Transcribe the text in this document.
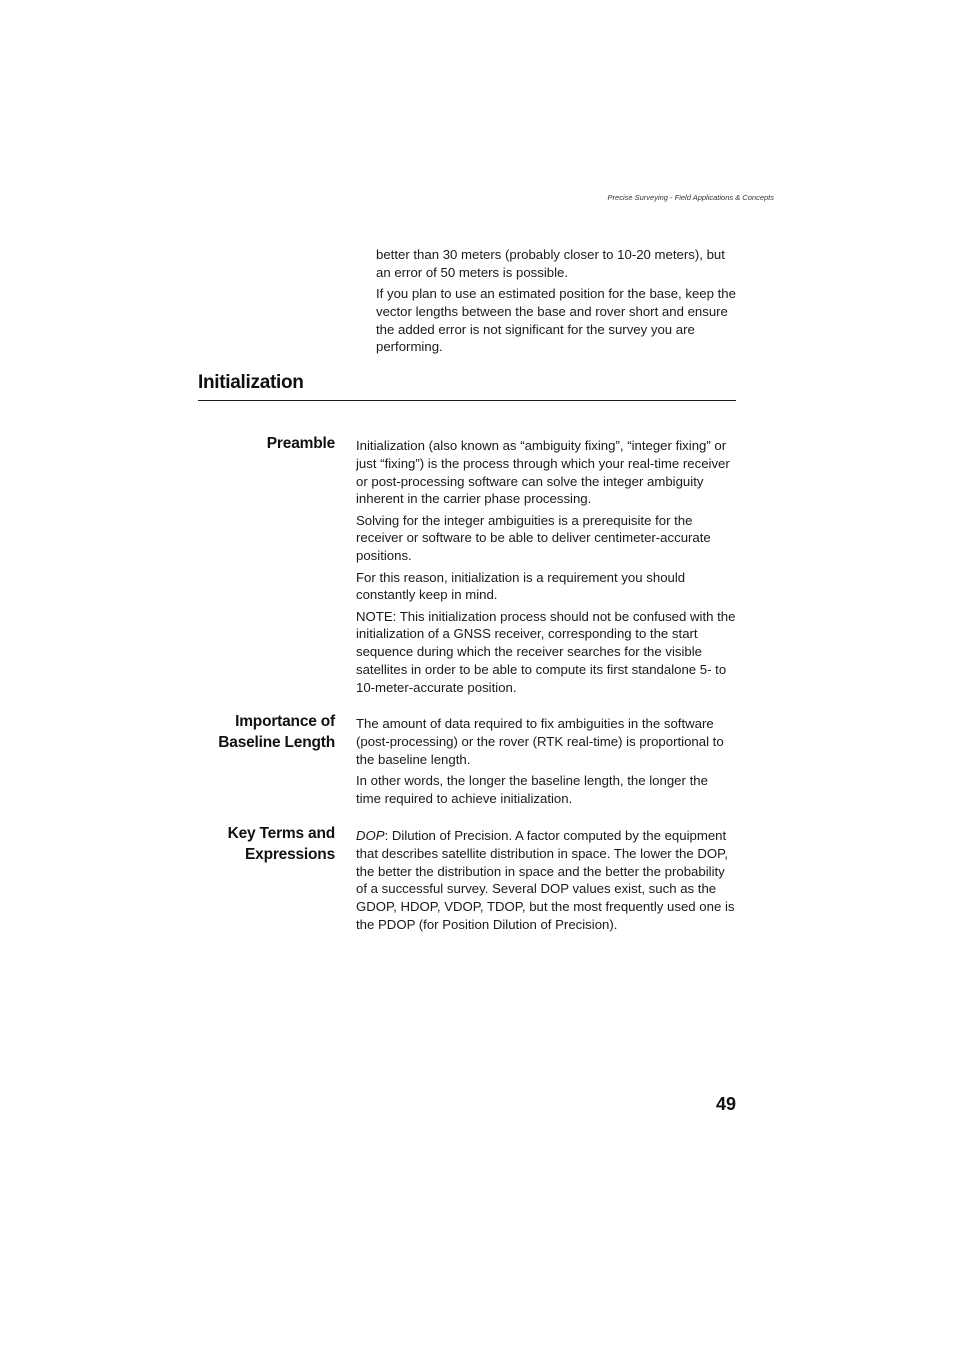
Precise Surveying - Field Applications & Concepts

better than 30 meters (probably closer to 10-20 meters), but an error of 50 meters is possible.

If you plan to use an estimated position for the base, keep the vector lengths between the base and rover short and ensure the added error is not significant for the survey you are performing.

Initialization
Preamble Initialization (also known as “ambiguity fixing”, “integer fixing” or just “fixing”) is the process through which your real-time receiver or post-processing software can solve the integer ambiguity inherent in the carrier phase processing.

Solving for the integer ambiguities is a prerequisite for the receiver or software to be able to deliver centimeter-accurate positions.

For this reason, initialization is a requirement you should constantly keep in mind.

NOTE: This initialization process should not be confused with the initialization of a GNSS receiver, corresponding to the start sequence during which the receiver searches for the visible satellites in order to be able to compute its first standalone 5- to 10-meter-accurate position.

Importance of
Baseline Length

The amount of data required to fix ambiguities in the software (post-processing) or the rover (RTK real-time) is proportional to the baseline length.

In other words, the longer the baseline length, the longer the time required to achieve initialization.

Key Terms and
Expressions

DOP: Dilution of Precision. A factor computed by the equipment that describes satellite distribution in space. The lower the DOP, the better the distribution in space and the better the probability of a successful survey. Several DOP values exist, such as the GDOP, HDOP, VDOP, TDOP, but the most frequently used one is the PDOP (for Position Dilution of Precision).

49
